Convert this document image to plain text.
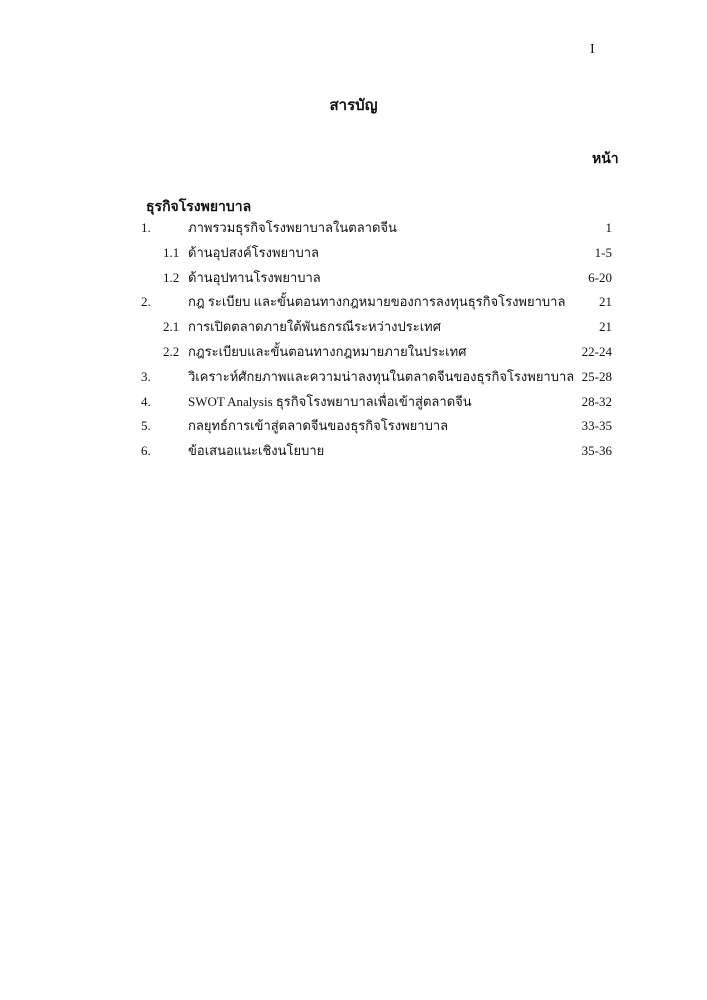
I
สารบัญ
หน้า
ธุรกิจโรงพยาบาล
1.	ภาพรวมธุรกิจโรงพยาบาลในตลาดจีน	1
1.1 ด้านอุปสงค์โรงพยาบาล	1-5
1.2 ด้านอุปทานโรงพยาบาล	6-20
2.	กฎ ระเบียบ และขั้นตอนทางกฎหมายของการลงทุนธุรกิจโรงพยาบาล	21
2.1 การเปิดตลาดภายใต้พันธกรณีระหว่างประเทศ	21
2.2 กฎระเบียบและขั้นตอนทางกฎหมายภายในประเทศ	22-24
3.	วิเคราะห์ศักยภาพและความน่าลงทุนในตลาดจีนของธุรกิจโรงพยาบาล 25-28
4.	SWOT Analysis ธุรกิจโรงพยาบาลเพื่อเข้าสู่ตลาดจีน	28-32
5.	กลยุทธ์การเข้าสู่ตลาดจีนของธุรกิจโรงพยาบาล	33-35
6.	ข้อเสนอแนะเชิงนโยบาย	35-36
